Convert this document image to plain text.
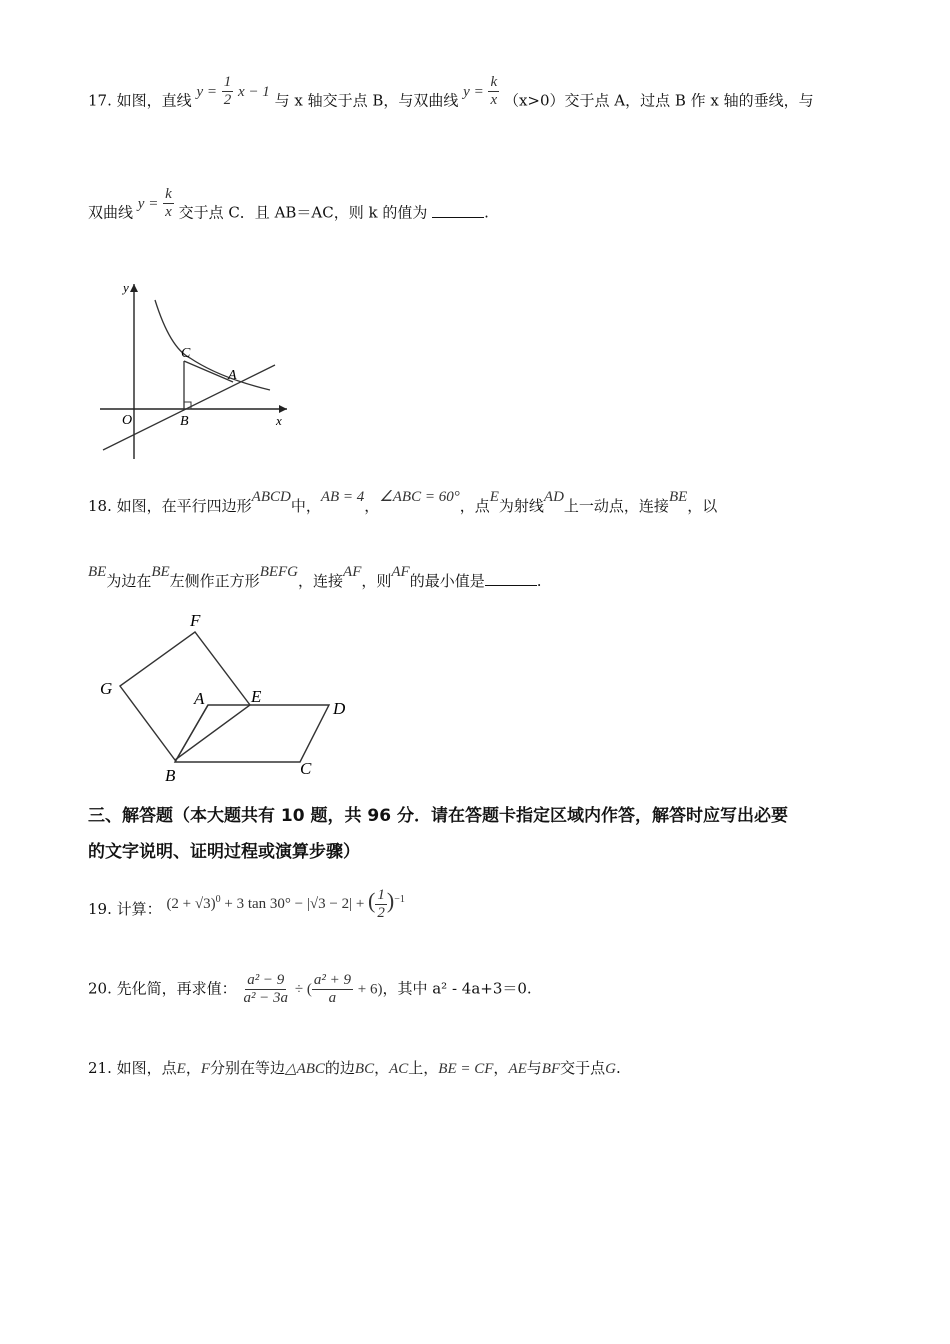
17. 如图，直线 $y = \frac{1}{2}$ x − 1 与 x 轴交于点 B，与双曲线 $y = \frac{k}{x} (x>0)$交于点 A，过点 B 作 x 轴的垂线，与
双曲线 $y = \frac{k}{x}$ 交于点 C．且 AB＝AC，则 k 的值为	.
y
x
O	B
C
A
18. 如图，在平行四边形ABCD中，AB = 4，∠ABC = 60°，点E为射线AD上一动点，连接BE，以
BE为边在BE左侧作正方形BEFG，连接AF，则AF的最小值是	.
F
G
A	E
D
B	C
三、解答题（本大题共有 10 题，共 96 分．请在答题卡指定区域内作答，解答时应写出必要
的文字说明、证明过程或演算步骤）
19. 计算： $(2 + √3)^0 + 3$ tan 30° − |√3 − 2| + ( $\frac{1}{2} )^{-1}$
20. 先化简，再求值： $\frac{\text{a² − 9}}{\text{a² − 3a}}$ ÷ ( $\frac{\text{a² + 9}}{a} + 6$)，其中 a² - 4a+3＝0.
21. 如图，点E，F分别在等边△ABC的边BC，AC上，BE = CF，AE与BF交于点G.
